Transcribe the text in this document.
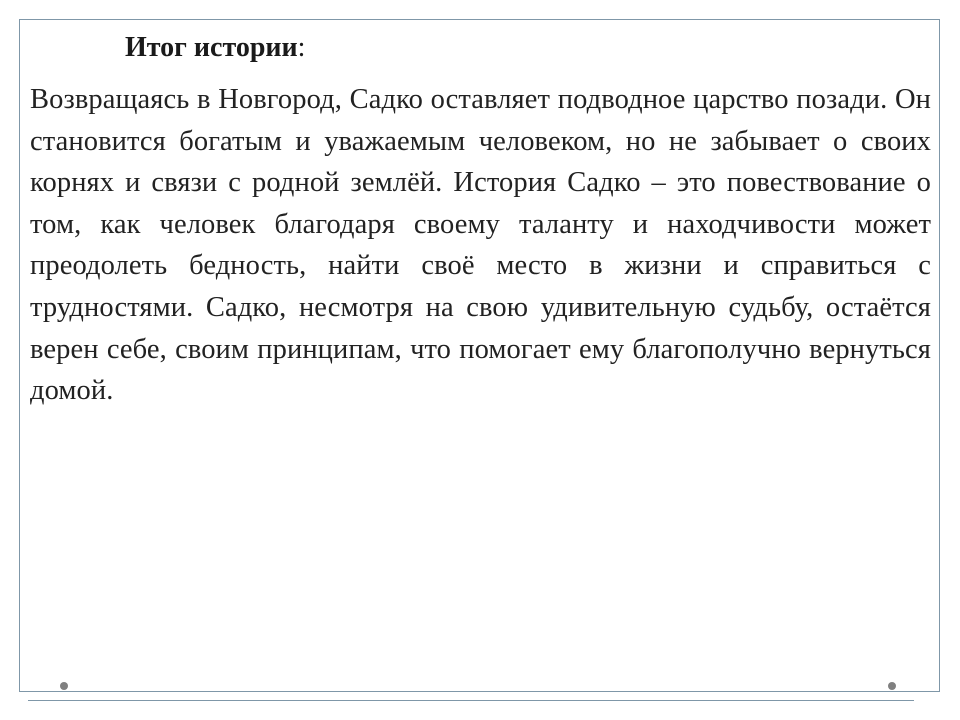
Итог истории:

Возвращаясь в Новгород, Садко оставляет подводное царство позади. Он становится богатым и уважаемым человеком, но не забывает о своих корнях и связи с родной землёй. История Садко – это повествование о том, как человек благодаря своему таланту и находчивости может преодолеть бедность, найти своё место в жизни и справиться с трудностями. Садко, несмотря на свою удивительную судьбу, остаётся верен себе, своим принципам, что помогает ему благополучно вернуться домой.
